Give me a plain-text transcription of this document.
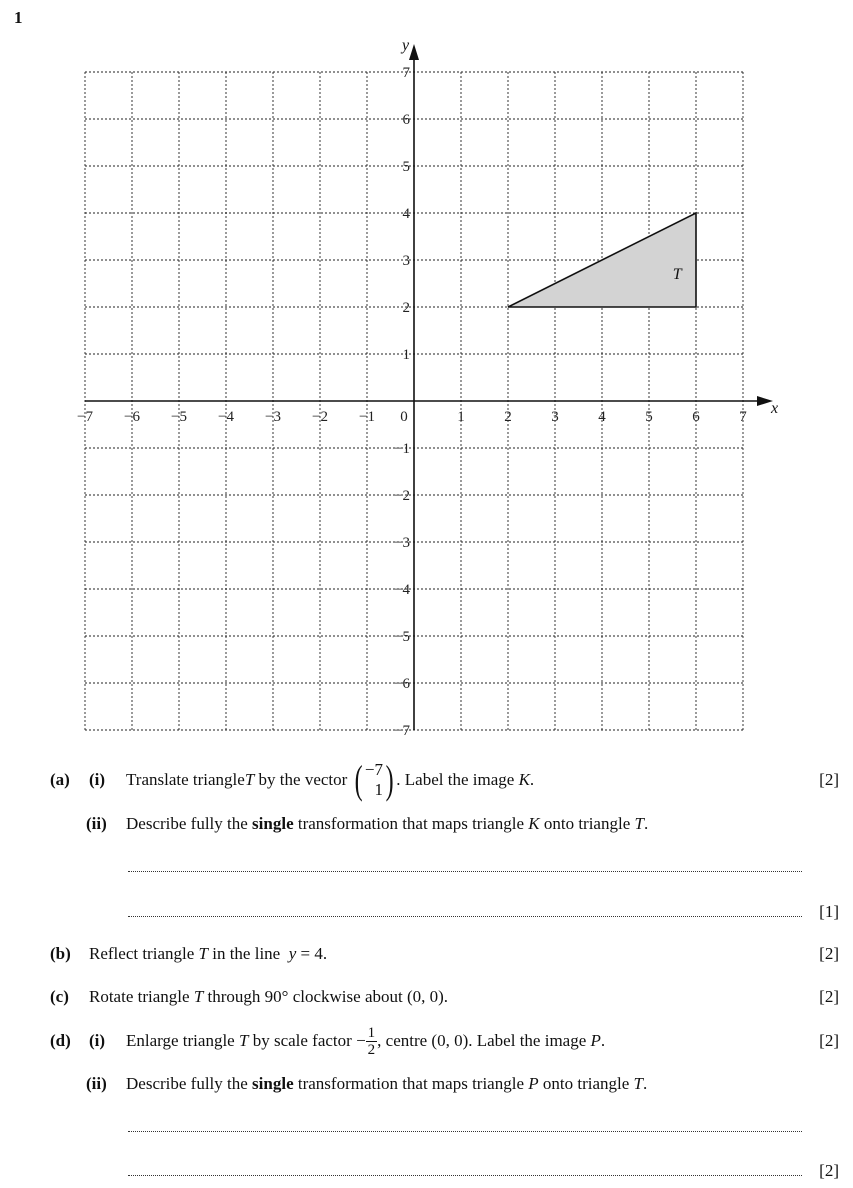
1
T
x
y
−7 −6 −5 −4 −3 −2 −1 0	1	2	3	4	5	6	7
−7
−6
−5
−4
−3
−2
−1
1
2
3
4
5
6
7
(a) (i) Translate triangle T by the vector ( −7
1 ) . Label the image K .	[2]
(ii) Describe fully the single transformation that maps triangle K onto triangle T.
[1]
(b) Reflect triangle T in the line  y = 4.	[2]
(c) Rotate triangle T through 90° clockwise about (0, 0).	[2]
(d) (i) Enlarge triangle T by scale factor − $\frac{1}{2}$ , centre (0, 0). Label the image P .	[2]
(ii) Describe fully the single transformation that maps triangle P onto triangle T.
[2]
